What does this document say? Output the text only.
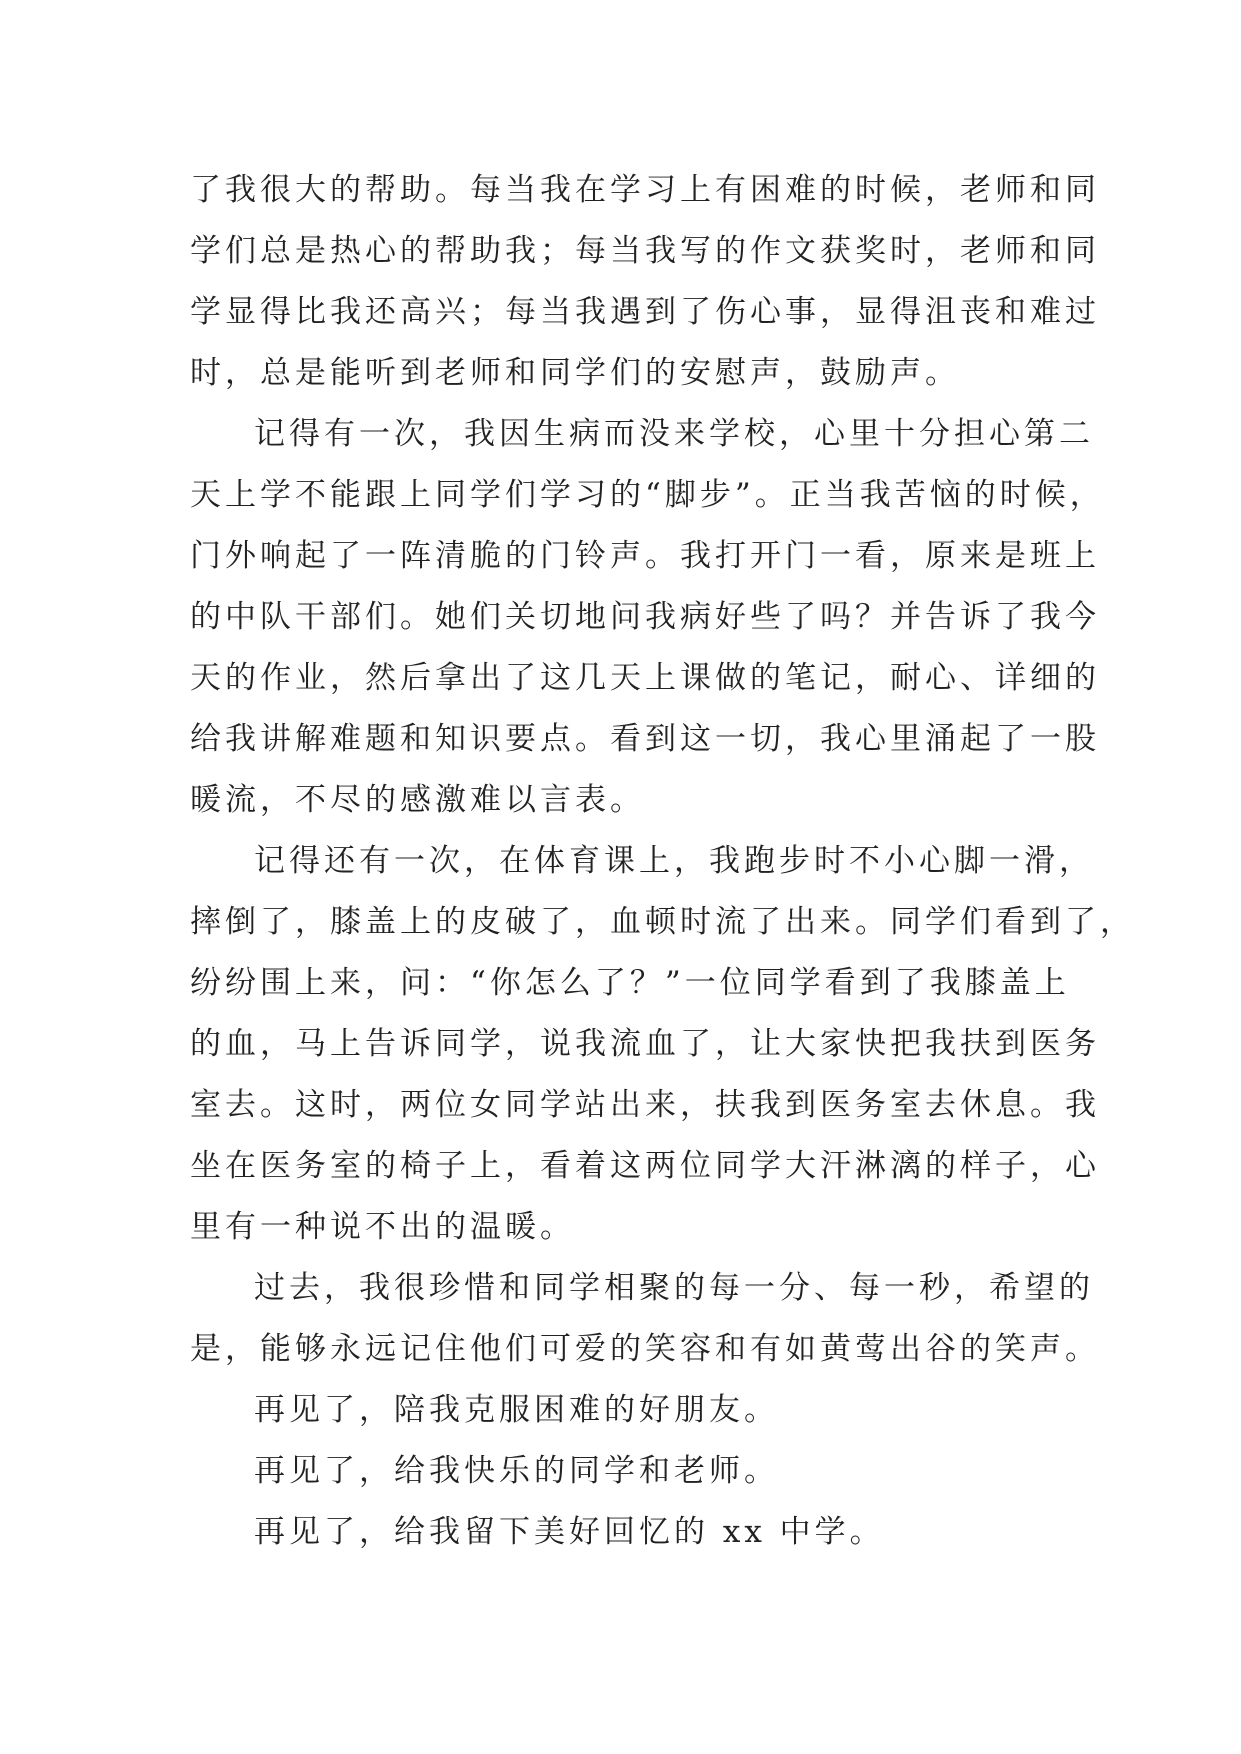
了我很大的帮助。每当我在学习上有困难的时候，老师和同
学们总是热心的帮助我；每当我写的作文获奖时，老师和同
学显得比我还高兴；每当我遇到了伤心事，显得沮丧和难过
时，总是能听到老师和同学们的安慰声，鼓励声。
记得有一次，我因生病而没来学校，心里十分担心第二
天上学不能跟上同学们学习的“脚步”。正当我苦恼的时候，
门外响起了一阵清脆的门铃声。我打开门一看，原来是班上
的中队干部们。她们关切地问我病好些了吗？并告诉了我今
天的作业，然后拿出了这几天上课做的笔记，耐心、详细的
给我讲解难题和知识要点。看到这一切，我心里涌起了一股
暖流，不尽的感激难以言表。
记得还有一次，在体育课上，我跑步时不小心脚一滑，
摔倒了，膝盖上的皮破了，血顿时流了出来。同学们看到了，
纷纷围上来，问：“你怎么了？”一位同学看到了我膝盖上
的血，马上告诉同学，说我流血了，让大家快把我扶到医务
室去。这时，两位女同学站出来，扶我到医务室去休息。我
坐在医务室的椅子上，看着这两位同学大汗淋漓的样子，心
里有一种说不出的温暖。
过去，我很珍惜和同学相聚的每一分、每一秒，希望的
是，能够永远记住他们可爱的笑容和有如黄莺出谷的笑声。
再见了，陪我克服困难的好朋友。
再见了，给我快乐的同学和老师。
再见了，给我留下美好回忆的 xx 中学。
